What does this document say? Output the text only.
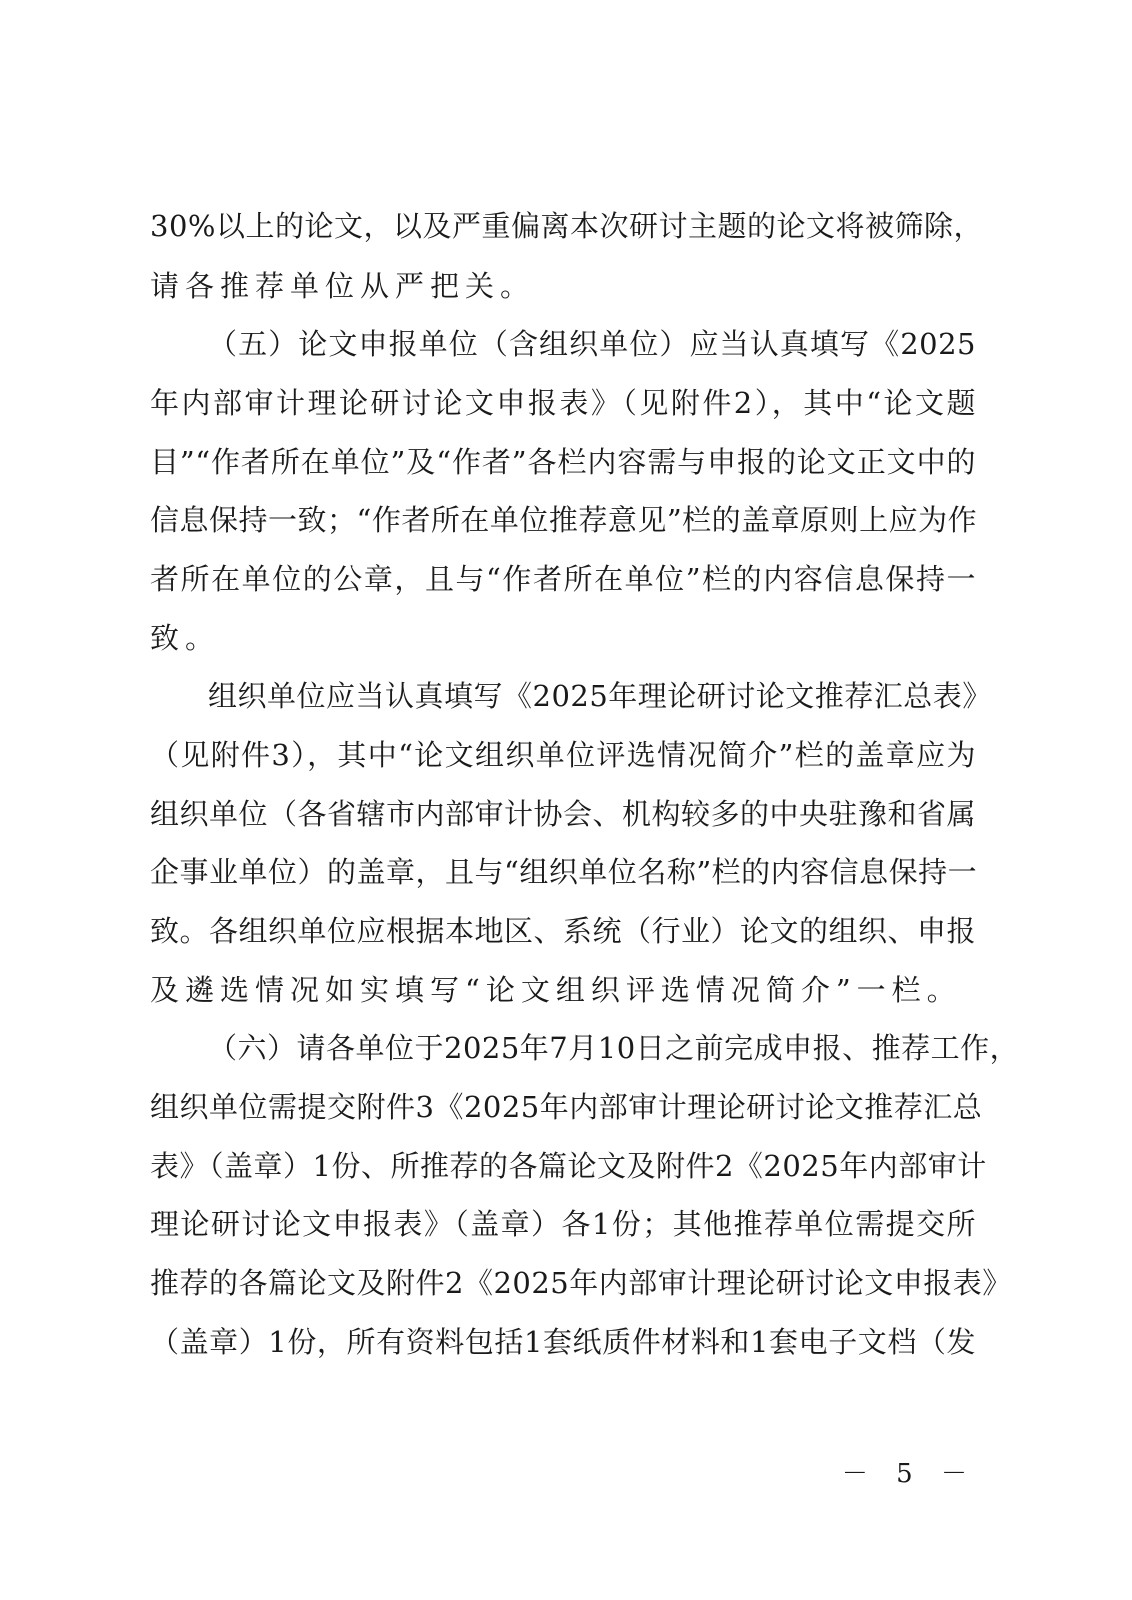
30%以上的论文，以及严重偏离本次研讨主题的论文将被筛除，
请各推荐单位从严把关。
（五）论文申报单位（含组织单位）应当认真填写《2025
年内部审计理论研讨论文申报表》（见附件2），其中“论文题
目”“作者所在单位”及“作者”各栏内容需与申报的论文正文中的
信息保持一致；“作者所在单位推荐意见”栏的盖章原则上应为作
者所在单位的公章，且与“作者所在单位”栏的内容信息保持一
致。
组织单位应当认真填写《2025年理论研讨论文推荐汇总表》
（见附件3），其中“论文组织单位评选情况简介”栏的盖章应为
组织单位（各省辖市内部审计协会、机构较多的中央驻豫和省属
企事业单位）的盖章，且与“组织单位名称”栏的内容信息保持一
致。各组织单位应根据本地区、系统（行业）论文的组织、申报
及遴选情况如实填写“论文组织评选情况简介”一栏。
（六）请各单位于2025年7月10日之前完成申报、推荐工作，
组织单位需提交附件3《2025年内部审计理论研讨论文推荐汇总
表》（盖章）1份、所推荐的各篇论文及附件2《2025年内部审计
理论研讨论文申报表》（盖章）各1份；其他推荐单位需提交所
推荐的各篇论文及附件2《2025年内部审计理论研讨论文申报表》
（盖章）1份，所有资料包括1套纸质件材料和1套电子文档（发
－ 5 －
